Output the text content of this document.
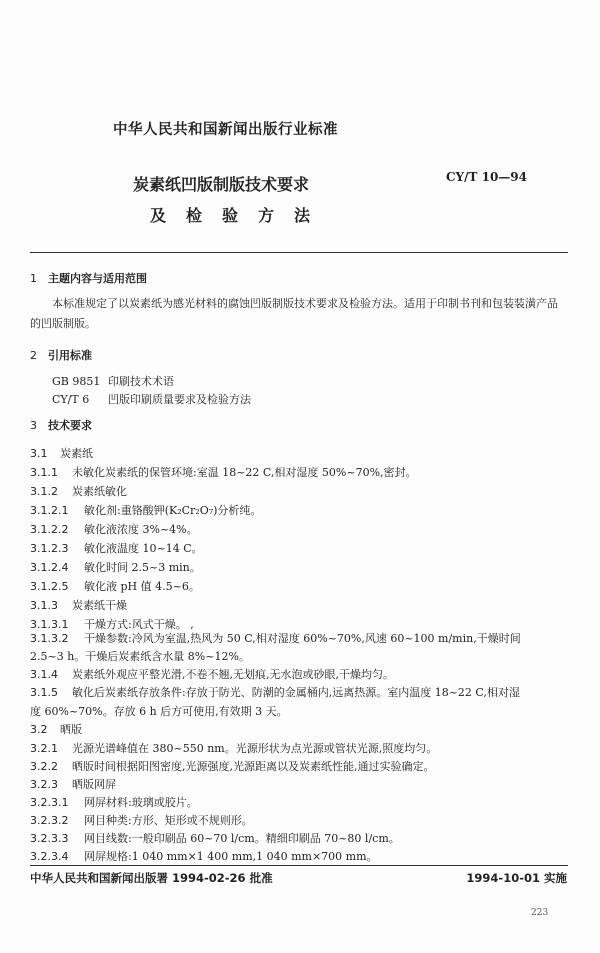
中华人民共和国新闻出版行业标准
CY/T 10—94
炭素纸凹版制版技术要求
及检验方法
1 主题内容与适用范围
本标准规定了以炭素纸为感光材料的腐蚀凹版制版技术要求及检验方法。适用于印制书刊和包装装潢产品的凹版制版。
2 引用标准
GB 9851 印刷技术术语
CY/T 6 凹版印刷质量要求及检验方法
3 技术要求
3.1 炭素纸
3.1.1 未敏化炭素纸的保管环境:室温 18~22 C,相对湿度 50%~70%,密封。
3.1.2 炭素纸敏化
3.1.2.1 敏化剂:重铬酸钾(K₂Cr₂O₇)分析纯。
3.1.2.2 敏化液浓度 3%~4%。
3.1.2.3 敏化液温度 10~14 C。
3.1.2.4 敏化时间 2.5~3 min。
3.1.2.5 敏化液 pH 值 4.5~6。
3.1.3 炭素纸干燥
3.1.3.1 干燥方式:风式干燥。 ,
3.1.3.2 干燥参数:冷风为室温,热风为 50 C,相对湿度 60%~70%,风速 60~100 m/min,干燥时间
2.5~3 h。干燥后炭素纸含水量 8%~12%。
3.1.4 炭素纸外观应平整光滑,不卷不翘,无划痕,无水泡或砂眼,干燥均匀。
3.1.5 敏化后炭素纸存放条件:存放于防光、防潮的金属桶内,远离热源。室内温度 18~22 C,相对湿
度 60%~70%。存放 6 h 后方可使用,有效期 3 天。
3.2 晒版
3.2.1 光源光谱峰值在 380~550 nm。光源形状为点光源或管状光源,照度均匀。
3.2.2 晒版时间根据阳图密度,光源强度,光源距离以及炭素纸性能,通过实验确定。
3.2.3 晒版网屏
3.2.3.1 网屏材料:玻璃或胶片。
3.2.3.2 网目种类:方形、矩形或不规则形。
3.2.3.3 网目线数:一般印刷品 60~70 l/cm。精细印刷品 70~80 l/cm。
3.2.3.4 网屏规格:1 040 mm×1 400 mm,1 040 mm×700 mm。
中华人民共和国新闻出版署 1994-02-26 批准	1994-10-01 实施
223
